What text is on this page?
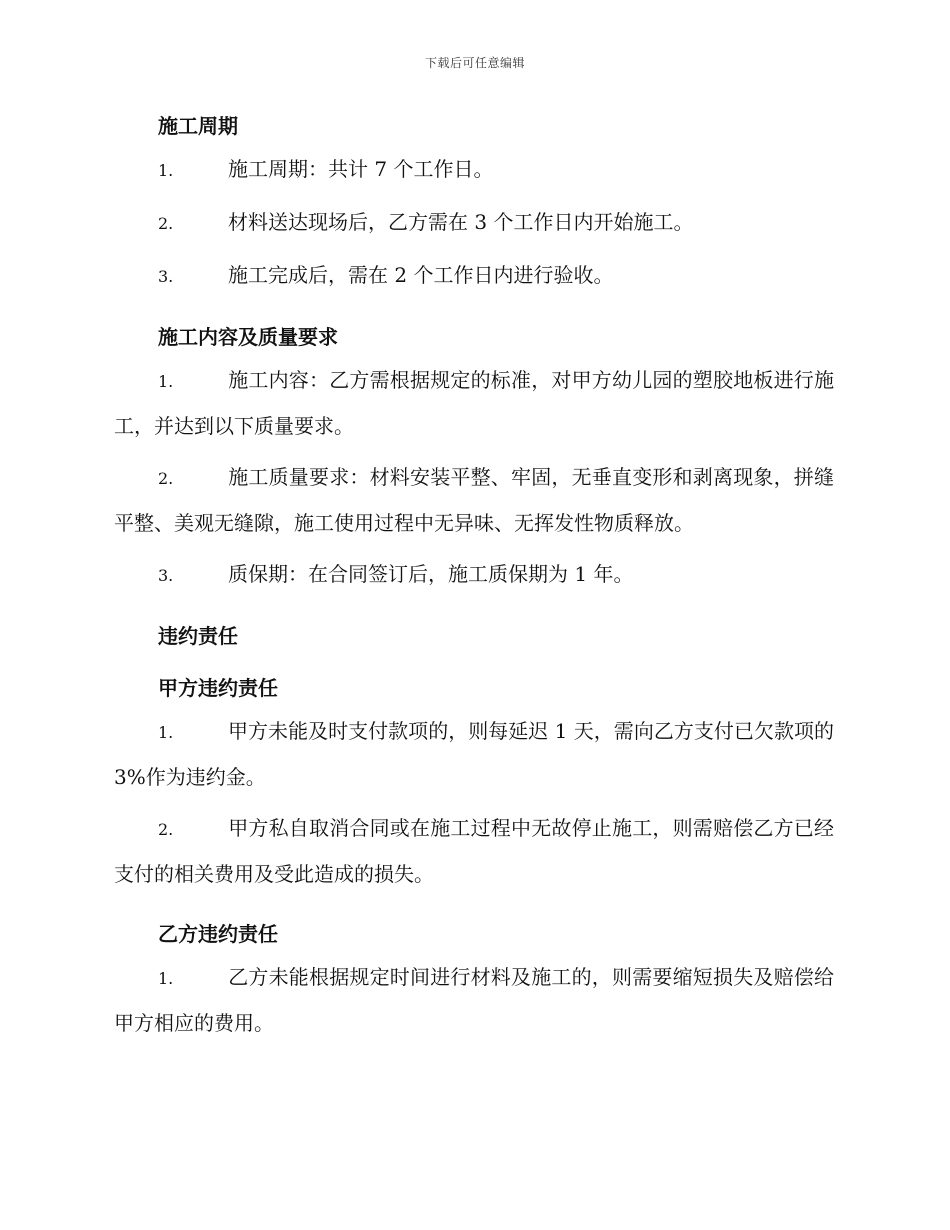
下载后可任意编辑

施工周期

1.	施工周期：共计 7 个工作日。

2.	材料送达现场后，乙方需在 3 个工作日内开始施工。

3.	施工完成后，需在 2 个工作日内进行验收。

施工内容及质量要求

1.	施工内容：乙方需根据规定的标准，对甲方幼儿园的塑胶地板进行施工，并达到以下质量要求。

2.	施工质量要求：材料安装平整、牢固，无垂直变形和剥离现象，拼缝平整、美观无缝隙，施工使用过程中无异味、无挥发性物质释放。

3.	质保期：在合同签订后，施工质保期为 1 年。

违约责任

甲方违约责任

1.	甲方未能及时支付款项的，则每延迟 1 天，需向乙方支付已欠款项的 3%作为违约金。

2.	甲方私自取消合同或在施工过程中无故停止施工，则需赔偿乙方已经支付的相关费用及受此造成的损失。

乙方违约责任

1.	乙方未能根据规定时间进行材料及施工的，则需要缩短损失及赔偿给甲方相应的费用。
